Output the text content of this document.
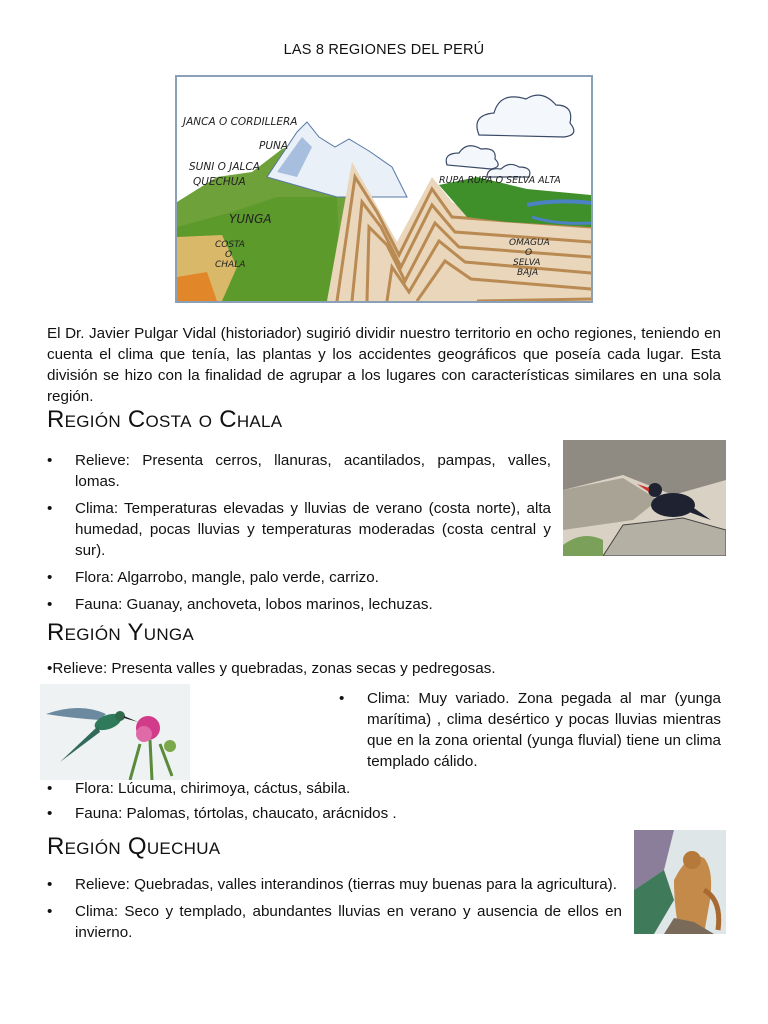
LAS 8 REGIONES DEL PERÚ
JANCA O CORDILLERA
PUNA
SUNI O JALCA
QUECHUA
YUNGA
COSTA
O
CHALA
RUPA RUPA O SELVA ALTA
OMAGUA
O
SELVA
BAJA

El Dr. Javier Pulgar Vidal (historiador) sugirió dividir nuestro territorio en ocho regiones, teniendo en cuenta el clima que tenía, las plantas y los accidentes geográficos que poseía cada lugar. Esta división se hizo con la finalidad de agrupar a los lugares con características similares en una sola región.

Región Costa o Chala
• Relieve: Presenta cerros, llanuras, acantilados, pampas, valles, lomas.
• Clima: Temperaturas elevadas y lluvias de verano (costa norte), alta humedad, pocas lluvias y temperaturas moderadas (costa central y sur).
• Flora: Algarrobo, mangle, palo verde, carrizo.
• Fauna: Guanay, anchoveta, lobos marinos, lechuzas.
Región Yunga
•Relieve: Presenta valles y quebradas, zonas secas y pedregosas.
• Clima: Muy variado. Zona pegada al mar (yunga marítima) , clima desértico y pocas lluvias mientras que en la zona oriental (yunga fluvial) tiene un clima templado cálido.
• Flora: Lúcuma, chirimoya, cáctus, sábila.
• Fauna: Palomas, tórtolas, chaucato, arácnidos .
Región Quechua
• Relieve: Quebradas, valles interandinos (tierras muy buenas para la agricultura).
• Clima: Seco y templado, abundantes lluvias en verano y ausencia de ellos en invierno.
